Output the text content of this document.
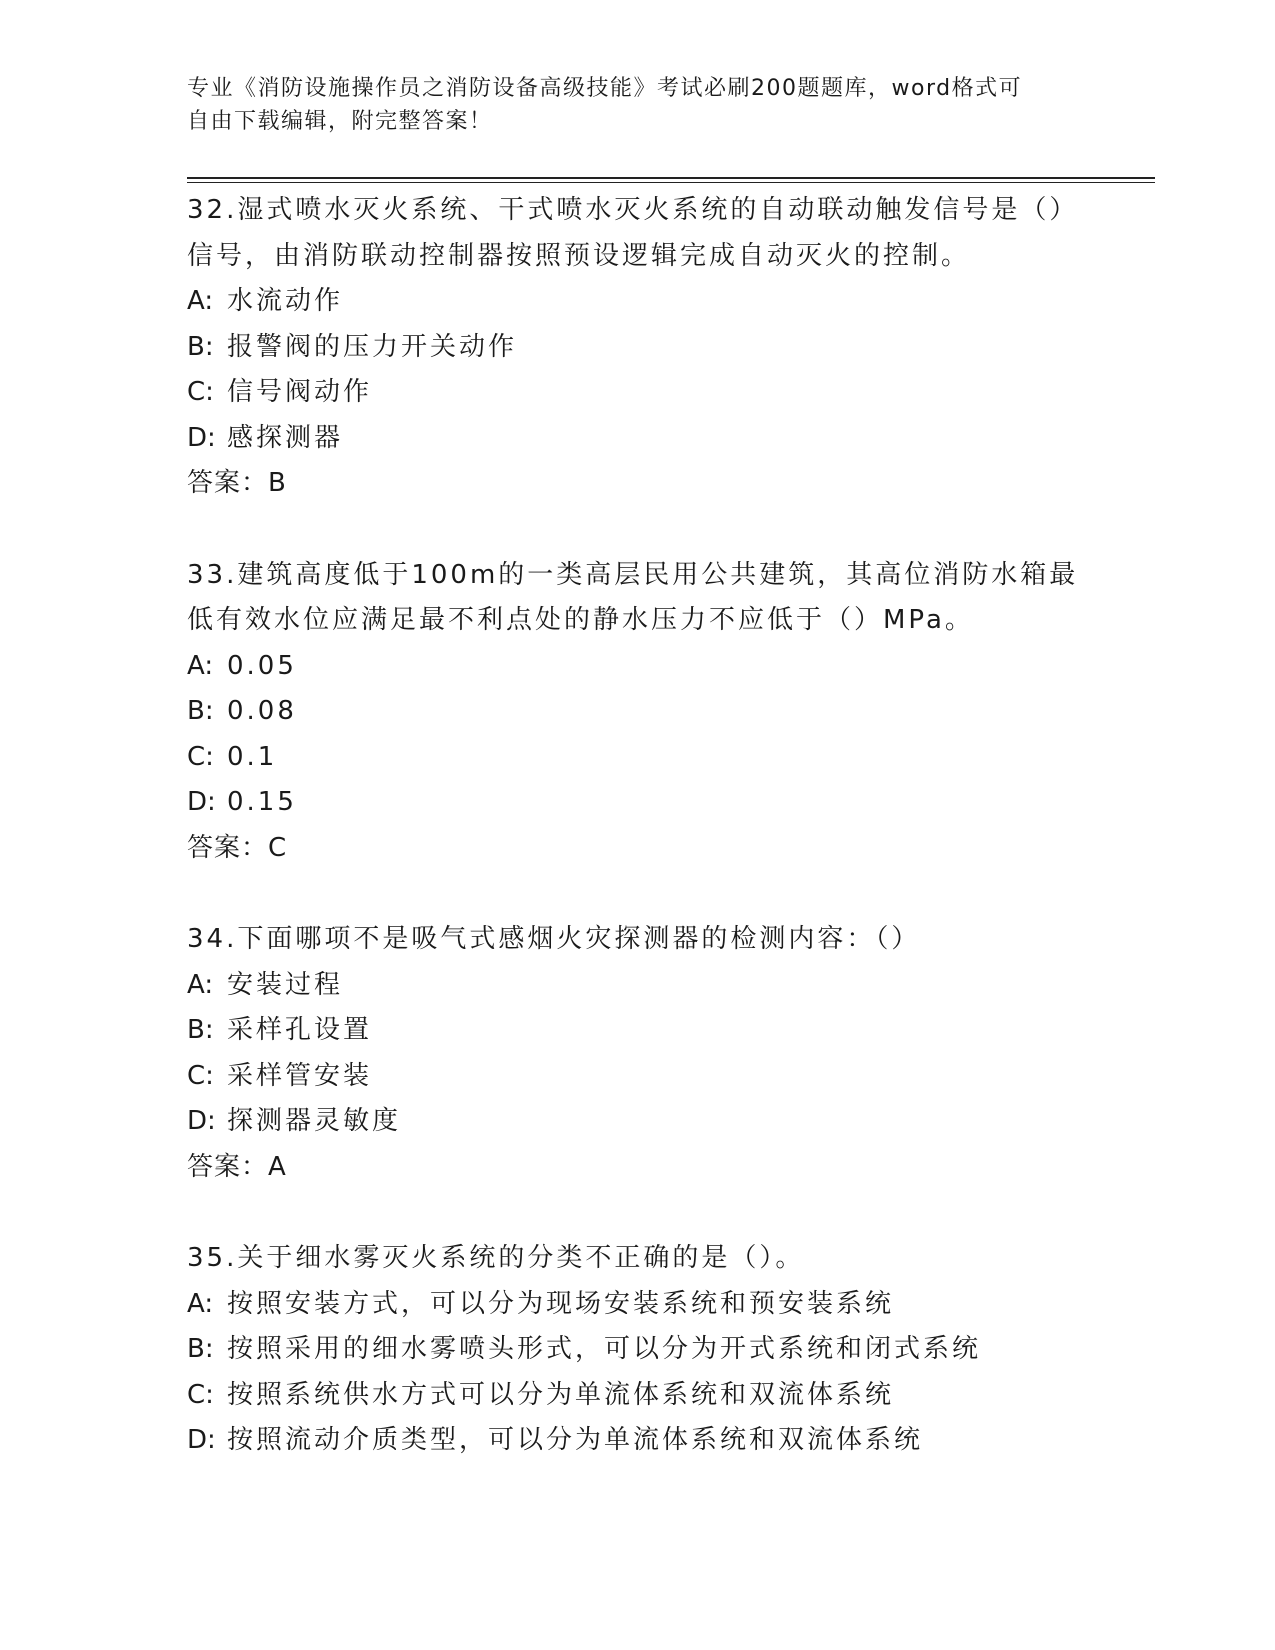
专业《消防设施操作员之消防设备高级技能》考试必刷200题题库，word格式可
自由下载编辑，附完整答案！

32.湿式喷水灭火系统、干式喷水灭火系统的自动联动触发信号是（）
信号，由消防联动控制器按照预设逻辑完成自动灭火的控制。

A: 水流动作

B: 报警阀的压力开关动作

C: 信号阀动作

D: 感探测器

答案：B

33.建筑高度低于100m的一类高层民用公共建筑，其高位消防水箱最
低有效水位应满足最不利点处的静水压力不应低于（）MPa。

A: 0.05

B: 0.08

C: 0.1

D: 0.15

答案：C

34.下面哪项不是吸气式感烟火灾探测器的检测内容：（）

A: 安装过程

B: 采样孔设置

C: 采样管安装

D: 探测器灵敏度

答案：A

35.关于细水雾灭火系统的分类不正确的是（）。

A: 按照安装方式，可以分为现场安装系统和预安装系统

B: 按照采用的细水雾喷头形式，可以分为开式系统和闭式系统

C: 按照系统供水方式可以分为单流体系统和双流体系统

D: 按照流动介质类型，可以分为单流体系统和双流体系统
